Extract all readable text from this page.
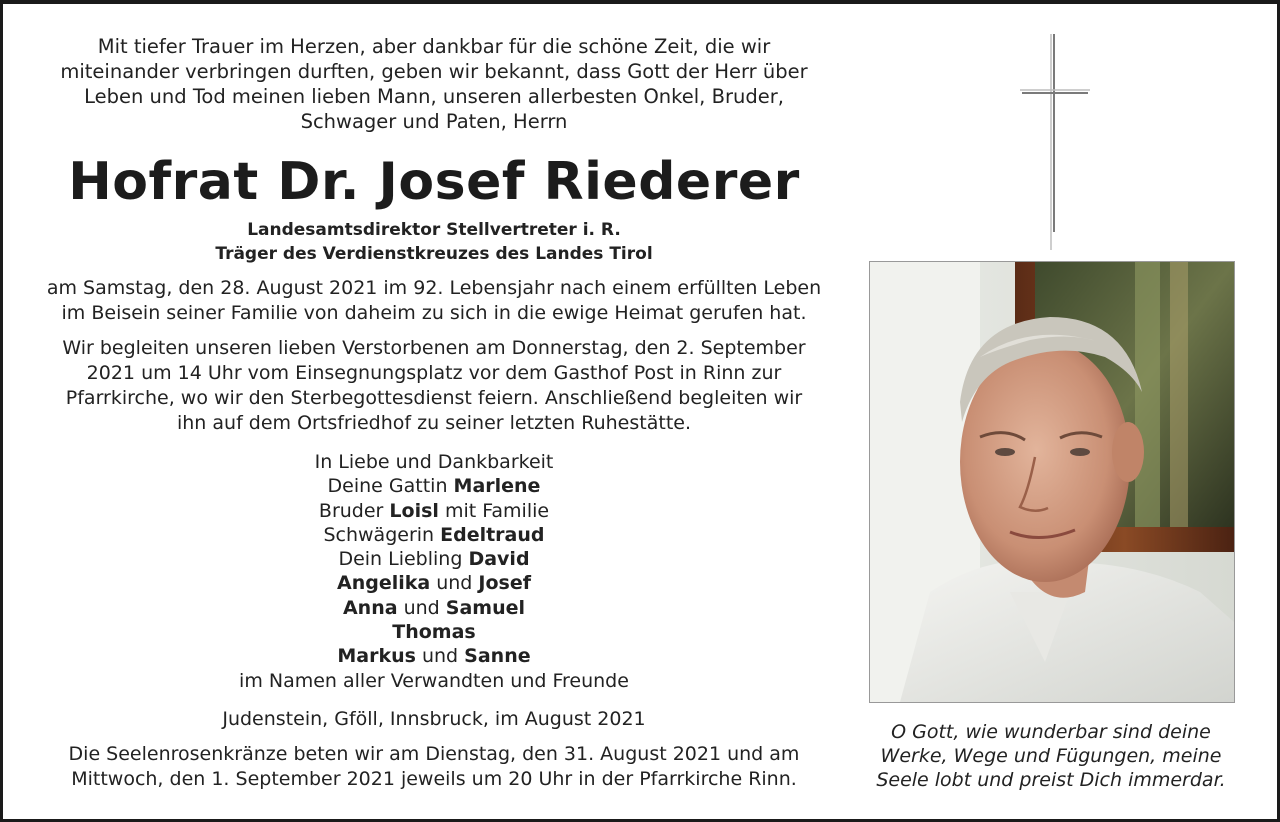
Mit tiefer Trauer im Herzen, aber dankbar für die schöne Zeit, die wir
miteinander verbringen durften, geben wir bekannt, dass Gott der Herr über
Leben und Tod meinen lieben Mann, unseren allerbesten Onkel, Bruder,
Schwager und Paten, Herrn

Hofrat Dr. Josef Riederer

Landesamtsdirektor Stellvertreter i. R.
Träger des Verdienstkreuzes des Landes Tirol

am Samstag, den 28. August 2021 im 92. Lebensjahr nach einem erfüllten Leben
im Beisein seiner Familie von daheim zu sich in die ewige Heimat gerufen hat.

Wir begleiten unseren lieben Verstorbenen am Donnerstag, den 2. September
2021 um 14 Uhr vom Einsegnungsplatz vor dem Gasthof Post in Rinn zur
Pfarrkirche, wo wir den Sterbegottesdienst feiern. Anschließend begleiten wir
ihn auf dem Ortsfriedhof zu seiner letzten Ruhestätte.

In Liebe und Dankbarkeit
Deine Gattin Marlene
Bruder Loisl mit Familie
Schwägerin Edeltraud
Dein Liebling David
Angelika und Josef
Anna und Samuel
Thomas
Markus und Sanne
im Namen aller Verwandten und Freunde

Judenstein, Gföll, Innsbruck, im August 2021

Die Seelenrosenkränze beten wir am Dienstag, den 31. August 2021 und am
Mittwoch, den 1. September 2021 jeweils um 20 Uhr in der Pfarrkirche Rinn.

O Gott, wie wunderbar sind deine
Werke, Wege und Fügungen, meine
Seele lobt und preist Dich immerdar.
